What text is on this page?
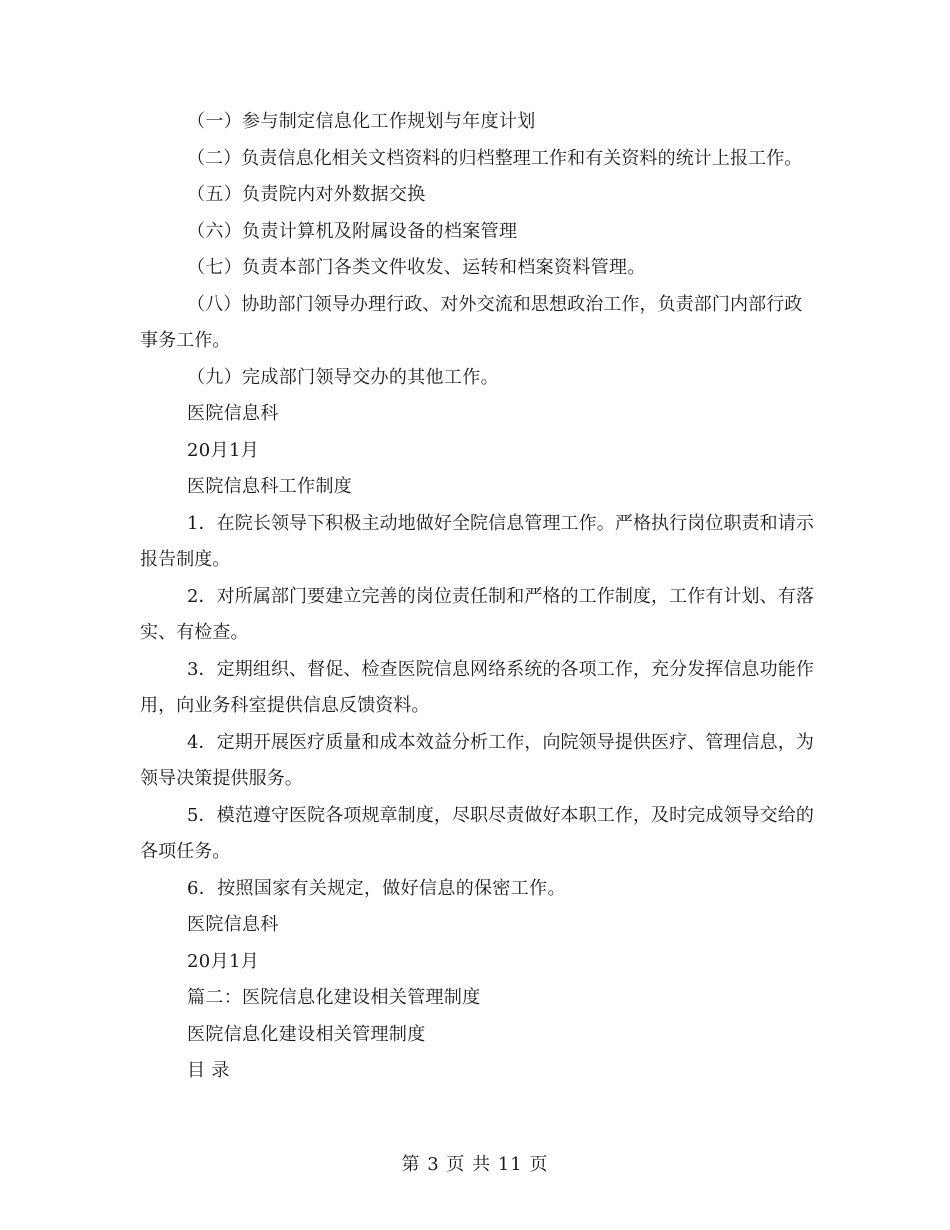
（一）参与制定信息化工作规划与年度计划

（二）负责信息化相关文档资料的归档整理工作和有关资料的统计上报工作。

（五）负责院内对外数据交换

（六）负责计算机及附属设备的档案管理

（七）负责本部门各类文件收发、运转和档案资料管理。

（八）协助部门领导办理行政、对外交流和思想政治工作，负责部门内部行政事务工作。

（九）完成部门领导交办的其他工作。

医院信息科

20月1月

医院信息科工作制度

1．在院长领导下积极主动地做好全院信息管理工作。严格执行岗位职责和请示报告制度。

2．对所属部门要建立完善的岗位责任制和严格的工作制度，工作有计划、有落实、有检查。

3．定期组织、督促、检查医院信息网络系统的各项工作，充分发挥信息功能作用，向业务科室提供信息反馈资料。

4．定期开展医疗质量和成本效益分析工作，向院领导提供医疗、管理信息，为领导决策提供服务。

5．模范遵守医院各项规章制度，尽职尽责做好本职工作，及时完成领导交给的各项任务。

6．按照国家有关规定，做好信息的保密工作。

医院信息科

20月1月

篇二：医院信息化建设相关管理制度

医院信息化建设相关管理制度

目 录

第 3 页 共 11 页
